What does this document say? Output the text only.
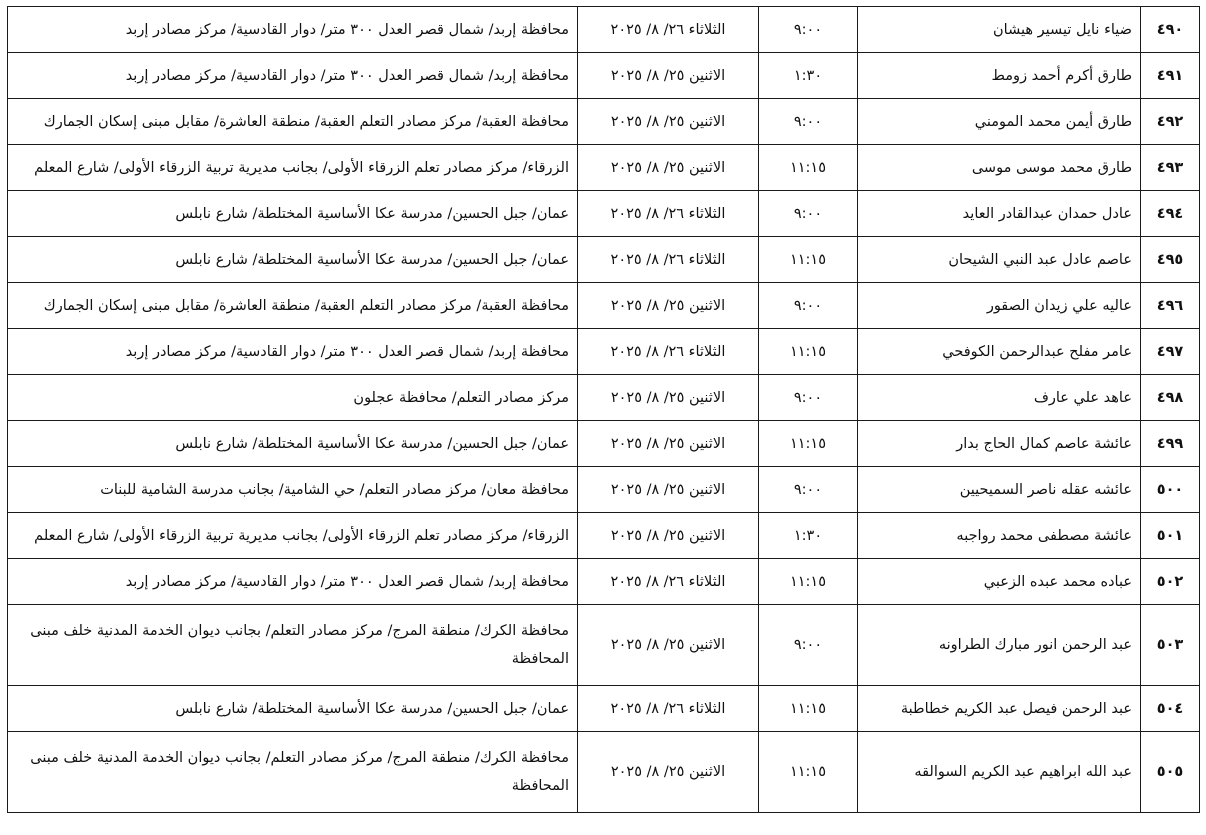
٤٩٠	ضياء نايل تيسير هيشان	٩:٠٠	الثلاثاء ٢٦/ ٨/ ٢٠٢٥	محافظة إربد/ شمال قصر العدل ٣٠٠ متر/ دوار القادسية/ مركز مصادر إربد
٤٩١	طارق أكرم أحمد زومط	١:٣٠	الاثنين ٢٥/ ٨/ ٢٠٢٥	محافظة إربد/ شمال قصر العدل ٣٠٠ متر/ دوار القادسية/ مركز مصادر إربد
٤٩٢	طارق أيمن محمد المومني	٩:٠٠	الاثنين ٢٥/ ٨/ ٢٠٢٥	محافظة العقبة/ مركز مصادر التعلم العقبة/ منطقة العاشرة/ مقابل مبنى إسكان الجمارك
٤٩٣	طارق محمد موسى موسى	١١:١٥	الاثنين ٢٥/ ٨/ ٢٠٢٥	الزرقاء/ مركز مصادر تعلم الزرقاء الأولى/ بجانب مديرية تربية الزرقاء الأولى/ شارع المعلم
٤٩٤	عادل حمدان عبدالقادر العايد	٩:٠٠	الثلاثاء ٢٦/ ٨/ ٢٠٢٥	عمان/ جبل الحسين/ مدرسة عكا الأساسية المختلطة/ شارع نابلس
٤٩٥	عاصم عادل عبد النبي الشيحان	١١:١٥	الثلاثاء ٢٦/ ٨/ ٢٠٢٥	عمان/ جبل الحسين/ مدرسة عكا الأساسية المختلطة/ شارع نابلس
٤٩٦	عاليه علي زيدان الصقور	٩:٠٠	الاثنين ٢٥/ ٨/ ٢٠٢٥	محافظة العقبة/ مركز مصادر التعلم العقبة/ منطقة العاشرة/ مقابل مبنى إسكان الجمارك
٤٩٧	عامر مفلح عبدالرحمن الكوفحي	١١:١٥	الثلاثاء ٢٦/ ٨/ ٢٠٢٥	محافظة إربد/ شمال قصر العدل ٣٠٠ متر/ دوار القادسية/ مركز مصادر إربد
٤٩٨	عاهد علي عارف	٩:٠٠	الاثنين ٢٥/ ٨/ ٢٠٢٥	مركز مصادر التعلم/ محافظة عجلون
٤٩٩	عائشة عاصم كمال الحاج بدار	١١:١٥	الاثنين ٢٥/ ٨/ ٢٠٢٥	عمان/ جبل الحسين/ مدرسة عكا الأساسية المختلطة/ شارع نابلس
٥٠٠	عائشه عقله ناصر السميحيين	٩:٠٠	الاثنين ٢٥/ ٨/ ٢٠٢٥	محافظة معان/ مركز مصادر التعلم/ حي الشامية/ بجانب مدرسة الشامية للبنات
٥٠١	عائشة مصطفى محمد رواجبه	١:٣٠	الاثنين ٢٥/ ٨/ ٢٠٢٥	الزرقاء/ مركز مصادر تعلم الزرقاء الأولى/ بجانب مديرية تربية الزرقاء الأولى/ شارع المعلم
٥٠٢	عباده محمد عبده الزعبي	١١:١٥	الثلاثاء ٢٦/ ٨/ ٢٠٢٥	محافظة إربد/ شمال قصر العدل ٣٠٠ متر/ دوار القادسية/ مركز مصادر إربد
٥٠٣	عبد الرحمن انور مبارك الطراونه	٩:٠٠	الاثنين ٢٥/ ٨/ ٢٠٢٥	محافظة الكرك/ منطقة المرج/ مركز مصادر التعلم/ بجانب ديوان الخدمة المدنية خلف مبنى المحافظة
٥٠٤	عبد الرحمن فيصل عبد الكريم خطاطبة	١١:١٥	الثلاثاء ٢٦/ ٨/ ٢٠٢٥	عمان/ جبل الحسين/ مدرسة عكا الأساسية المختلطة/ شارع نابلس
٥٠٥	عبد الله ابراهيم عبد الكريم السوالقه	١١:١٥	الاثنين ٢٥/ ٨/ ٢٠٢٥	محافظة الكرك/ منطقة المرج/ مركز مصادر التعلم/ بجانب ديوان الخدمة المدنية خلف مبنى المحافظة
